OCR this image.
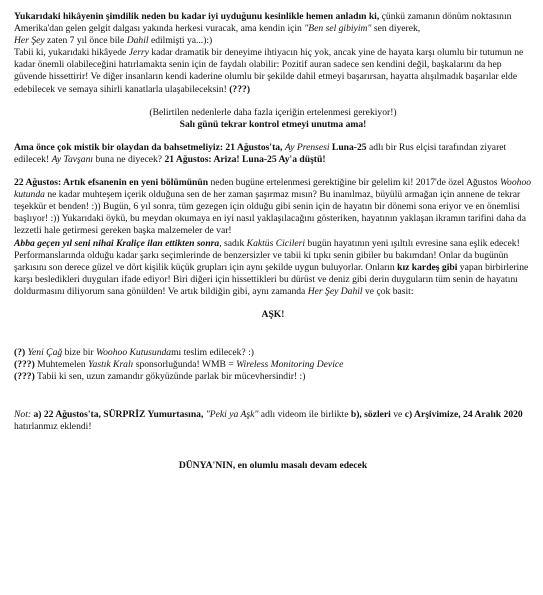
Yukarıdaki hikâyenin şimdilik neden bu kadar iyi uyduğunu kesinlikle hemen anladın ki, çünkü zamanın dönüm noktasının Amerika'dan gelen gelgit dalgası yakında herkesi vuracak, ama kendin için "Ben sel gibiyim" sen diyerek,
Her Şey zaten 7 yıl önce bile Dahil edilmişti ya...):)
Tabii ki, yukarıdaki hikâyede Jerry kadar dramatik bir deneyime ihtiyacın hiç yok, ancak yine de hayata karşı olumlu bir tutumun ne kadar önemli olabileceğini hatırlamakta senin için de faydalı olabilir: Pozitif auran sadece sen kendini değil, başkalarını da hep güvende hissettirir! Ve diğer insanların kendi kaderine olumlu bir şekilde dahil etmeyi başarırsan, hayatta alışılmadık başarılar elde edebilecek ve semaya sihirli kanatlarla ulaşabileceksin! (???)

(Belirtilen nedenlerle daha fazla içeriğin ertelenmesi gerekiyor!)

Salı günü tekrar kontrol etmeyi unutma ama!

Ama önce çok mistik bir olaydan da bahsetmeliyiz: 21 Ağustos'ta, Ay Prensesi Luna-25 adlı bir Rus elçisi tarafından ziyaret edilecek! Ay Tavşanı buna ne diyecek? 21 Ağustos: Ariza! Luna-25 Ay'a düştü!

22 Ağustos: Artık efsanenin en yeni bölümünün neden bugüne ertelenmesi gerektiğine bir gelelim ki! 2017'de özel Ağustos Woohoo kutunda ne kadar muhteşem içerik olduğuna sen de her zaman şaşırmaz mısın? Bu inanılmaz, büyülü armağan için annene de tekrar teşekkür et benden! :)) Bugün, 6 yıl sonra, tüm gezegen için olduğu gibi senin için de hayatın bir dönemi sona eriyor ve en önemlisi başlıyor! :)) Yukarıdaki öykü, bu meydan okumaya en iyi nasıl yaklaşılacağını gösteriken, hayatının yaklaşan ikramın tarifini daha da lezzetli hale getirmesi gereken başka malzemeler de var!
Abba geçen yıl seni nihai Kraliçe ilan ettikten sonra, sadık Kaktüs Cicileri bugün hayatının yeni ışıltılı evresine sana eşlik edecek! Performanslarında olduğu kadar şarkı seçimlerinde de benzersizler ve tabii ki tıpkı senin gibiler bu bakımdan! Onlar da bugünün şarkısını son derece güzel ve dört kişilik küçük grupları için aynı şekilde uygun buluyorlar. Onların kız kardeş gibi yapan birbirlerine karşı besledikleri duyguları ifade ediyor! Biri diğeri için hissettikleri bu dürüst ve deniz gibi derin duyguların tüm senin de hayatını doldurmasını diliyorum sana gönülden! Ve artık bildiğin gibi, aynı zamanda Her Şey Dahil ve çok basit:

AŞK!

(?) Yeni Çağ bize bir Woohoo Kutusundamı teslim edilecek? :)

(???) Muhtemelen Yastık Kralı sponsorluğunda! WMB = Wireless Monitoring Device

(???) Tabii ki sen, uzun zamandır gökyüzünde parlak bir mücevhersindir! :)

Not: a) 22 Ağustos'ta, SÜRPRİZ Yumurtasına, "Peki ya Aşk" adlı videom ile birlikte b), sözleri ve c) Arşivimize, 24 Aralık 2020 hatırlanmız eklendi!

DÜNYA'NIN, en olumlu masalı devam edecek
